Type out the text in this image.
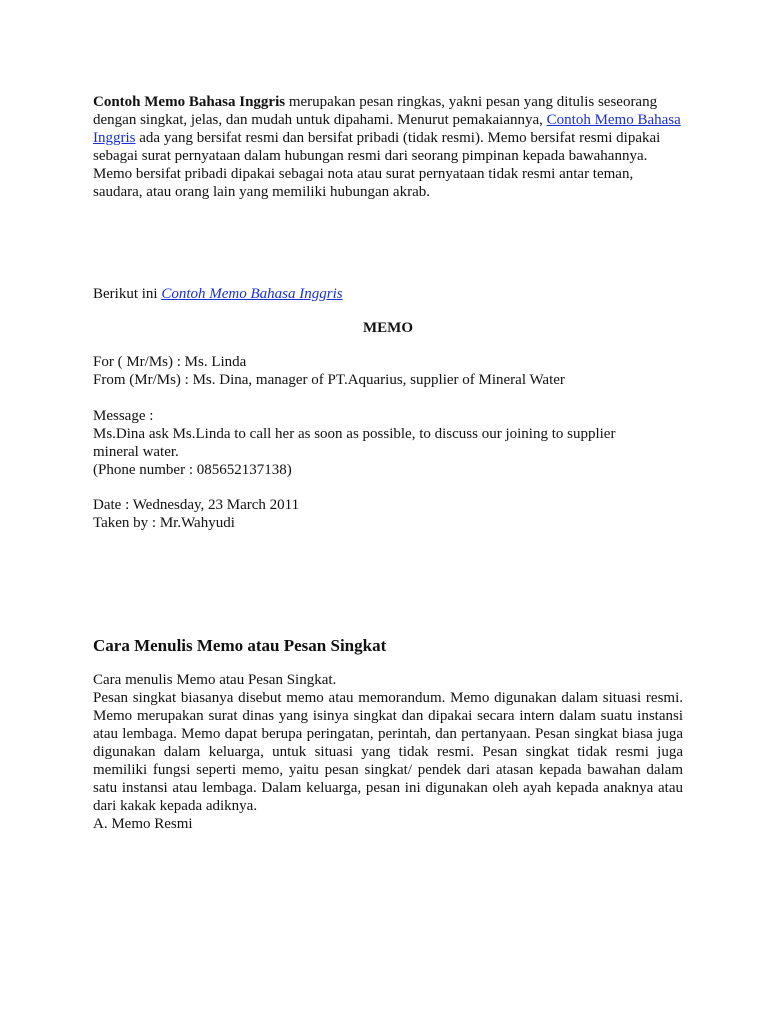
Contoh Memo Bahasa Inggris merupakan pesan ringkas, yakni pesan yang ditulis seseorang dengan singkat, jelas, dan mudah untuk dipahami. Menurut pemakaiannya, Contoh Memo Bahasa Inggris ada yang bersifat resmi dan bersifat pribadi (tidak resmi). Memo bersifat resmi dipakai sebagai surat pernyataan dalam hubungan resmi dari seorang pimpinan kepada bawahannya. Memo bersifat pribadi dipakai sebagai nota atau surat pernyataan tidak resmi antar teman, saudara, atau orang lain yang memiliki hubungan akrab.

Berikut ini Contoh Memo Bahasa Inggris

MEMO

For ( Mr/Ms) : Ms. Linda

From (Mr/Ms) : Ms. Dina, manager of PT.Aquarius, supplier of Mineral Water

Message :

Ms.Dina ask Ms.Linda to call her as soon as possible, to discuss our joining to supplier mineral water.

(Phone number : 085652137138)

Date : Wednesday, 23 March 2011

Taken by : Mr.Wahyudi

Cara Menulis Memo atau Pesan Singkat

Cara menulis Memo atau Pesan Singkat.

Pesan singkat biasanya disebut memo atau memorandum. Memo digunakan dalam situasi resmi. Memo merupakan surat dinas yang isinya singkat dan dipakai secara intern dalam suatu instansi atau lembaga. Memo dapat berupa peringatan, perintah, dan pertanyaan. Pesan singkat biasa juga digunakan dalam keluarga, untuk situasi yang tidak resmi. Pesan singkat tidak resmi juga memiliki fungsi seperti memo, yaitu pesan singkat/ pendek dari atasan kepada bawahan dalam satu instansi atau lembaga. Dalam keluarga, pesan ini digunakan oleh ayah kepada anaknya atau dari kakak kepada adiknya.

A. Memo Resmi
